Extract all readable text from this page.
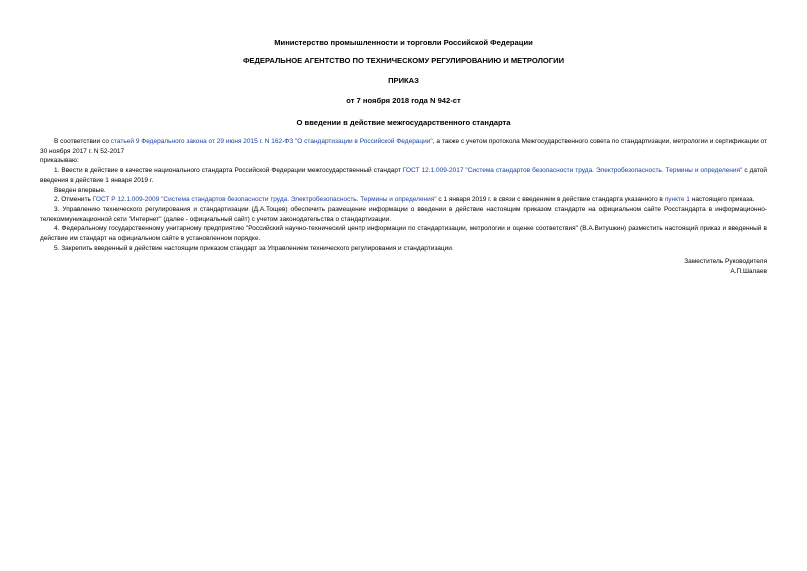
Министерство промышленности и торговли Российской Федерации
ФЕДЕРАЛЬНОЕ АГЕНТСТВО ПО ТЕХНИЧЕСКОМУ РЕГУЛИРОВАНИЮ И МЕТРОЛОГИИ
ПРИКАЗ
от 7 ноября 2018 года N 942-ст
О введении в действие межгосударственного стандарта

В соответствии со статьей 9 Федерального закона от 29 июня 2015 г. N 162-ФЗ "О стандартизации в Российской Федерации", а также с учетом протокола Межгосударственного совета по стандартизации, метрологии и сертификации от 30 ноября 2017 г. N 52-2017

приказываю:

1. Ввести в действие в качестве национального стандарта Российской Федерации межгосударственный стандарт ГОСТ 12.1.009-2017 "Система стандартов безопасности труда. Электробезопасность. Термины и определения" с датой введения в действие 1 января 2019 г.

Введен впервые.

2. Отменить ГОСТ Р 12.1.009-2009 "Система стандартов безопасности труда. Электробезопасность. Термины и определения" с 1 января 2019 г. в связи с введением в действие стандарта указанного в пункте 1 настоящего приказа.

3. Управлению технического регулирования и стандартизации (Д.А.Тощев) обеспечить размещение информации о введении в действие настоящим приказом стандарте на официальном сайте Росстандарта в информационно-телекоммуникационной сети "Интернет" (далее - официальный сайт) с учетом законодательства о стандартизации.

4. Федеральному государственному унитарному предприятию "Российский научно-технический центр информации по стандартизации, метрологии и оценке соответствия" (В.А.Витушкин) разместить настоящий приказ и введенный в действие им стандарт на официальном сайте в установленном порядке.

5. Закрепить введенный в действие настоящим приказом стандарт за Управлением технического регулирования и стандартизации.

Заместитель Руководителя
А.П.Шалаев
